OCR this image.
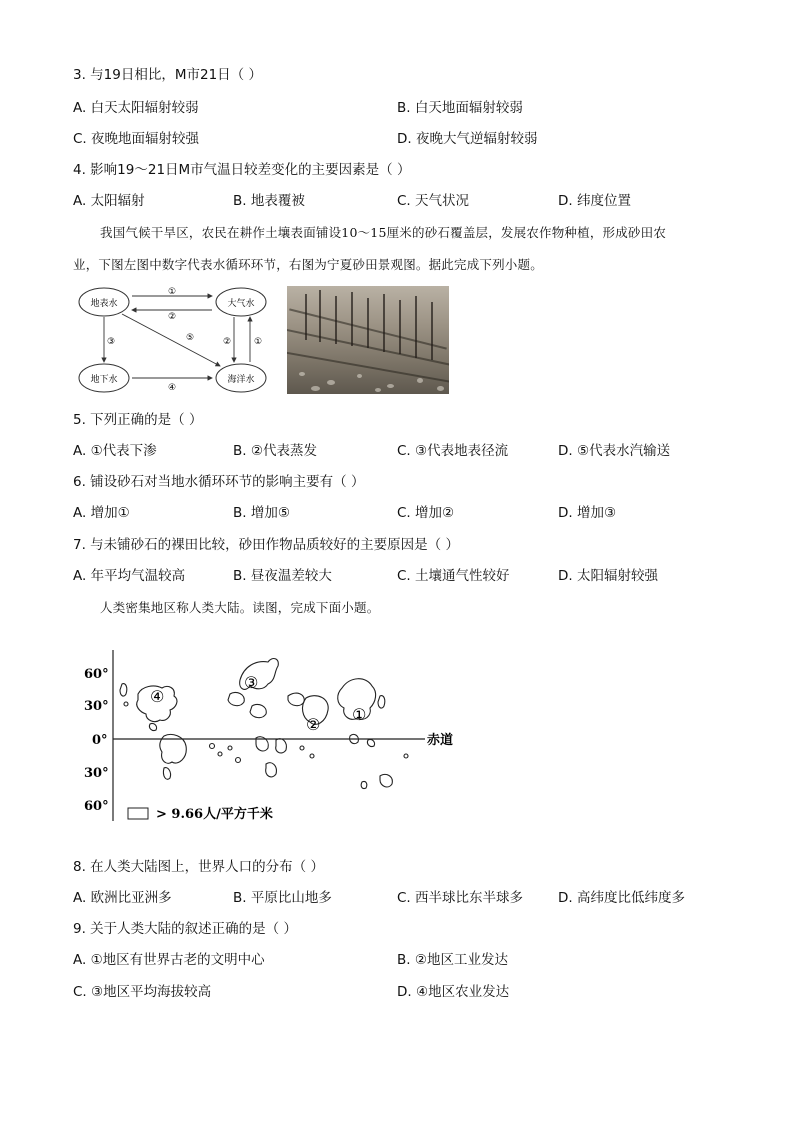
3. 与19日相比，M市21日（ ）
A. 白天太阳辐射较弱	B. 白天地面辐射较弱
C. 夜晚地面辐射较强	D. 夜晚大气逆辐射较弱
4. 影响19～21日M市气温日较差变化的主要因素是（ ）
A. 太阳辐射	B. 地表覆被	C. 天气状况	D. 纬度位置
我国气候干旱区，农民在耕作土壤表面铺设10～15厘米的砂石覆盖层，发展农作物种植，形成砂田农
业，下图左图中数字代表水循环环节，右图为宁夏砂田景观图。据此完成下列小题。
地表水	大气水
地下水	海洋水
①
②
③
④
⑤	②	①
5. 下列正确的是（ ）
A. ①代表下渗	B. ②代表蒸发	C. ③代表地表径流	D. ⑤代表水汽输送
6. 铺设砂石对当地水循环环节的影响主要有（ ）
A. 增加①	B. 增加⑤	C. 增加②	D. 增加③
7. 与未铺砂石的裸田比较，砂田作物品质较好的主要原因是（ ）
A. 年平均气温较高	B. 昼夜温差较大	C. 土壤通气性较好	D. 太阳辐射较强
人类密集地区称人类大陆。读图，完成下面小题。
60°
30°
0°
30°
60°
赤道
④
③
②
①
> 9.66人/平方千米
8. 在人类大陆图上，世界人口的分布（ ）
A. 欧洲比亚洲多	B. 平原比山地多	C. 西半球比东半球多	D. 高纬度比低纬度多
9. 关于人类大陆的叙述正确的是（ ）
A. ①地区有世界古老的文明中心	B. ②地区工业发达
C. ③地区平均海拔较高	D. ④地区农业发达
